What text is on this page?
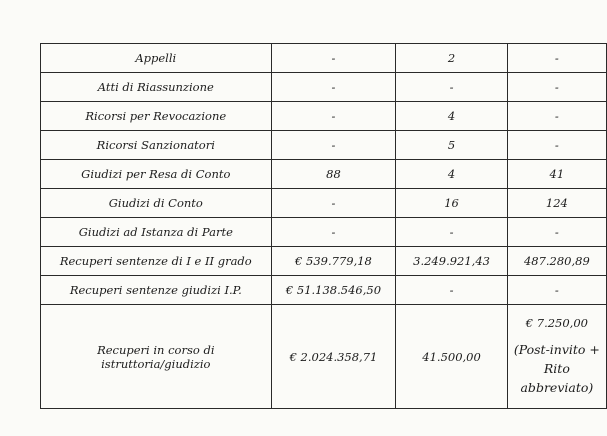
Appelli	-	2	-
Atti di Riassunzione	-	-	-
Ricorsi per Revocazione	-	4	-
Ricorsi Sanzionatori	-	5	-
Giudizi per Resa di Conto	88	4	41
Giudizi di Conto	-	16	124
Giudizi ad Istanza di Parte	-	-	-
Recuperi sentenze di I e II grado	€ 539.779,18	3.249.921,43	487.280,89
Recuperi sentenze giudizi I.P.	€ 51.138.546,50	-	-
Recuperi in corso di istruttoria/giudizio	€ 2.024.358,71	41.500,00	€ 7.250,00
(Post-invito +
Rito
abbreviato)
